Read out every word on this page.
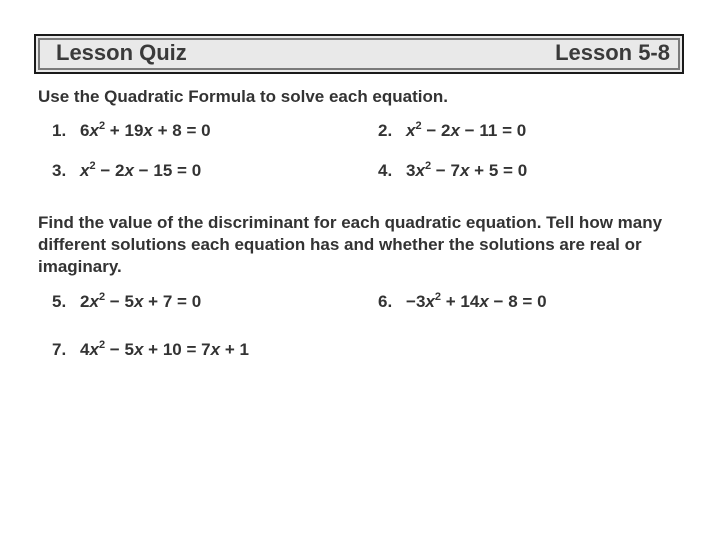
Lesson Quiz	Lesson 5-8
Use the Quadratic Formula to solve each equation.
1. $6x^2 + 19x + 8 = 0$	2. $x^2 - 2x - 11 = 0$
3. $x^2 - 2x - 15 = 0$	4. $3x^2 - 7x + 5 = 0$
Find the value of the discriminant for each quadratic equation. Tell how many different solutions each equation has and whether the solutions are real or imaginary.
5. $2x^2 - 5x + 7 = 0$	6. $-3x^2 + 14x - 8 = 0$
7. $4x^2 - 5x + 10 = 7x + 1$
